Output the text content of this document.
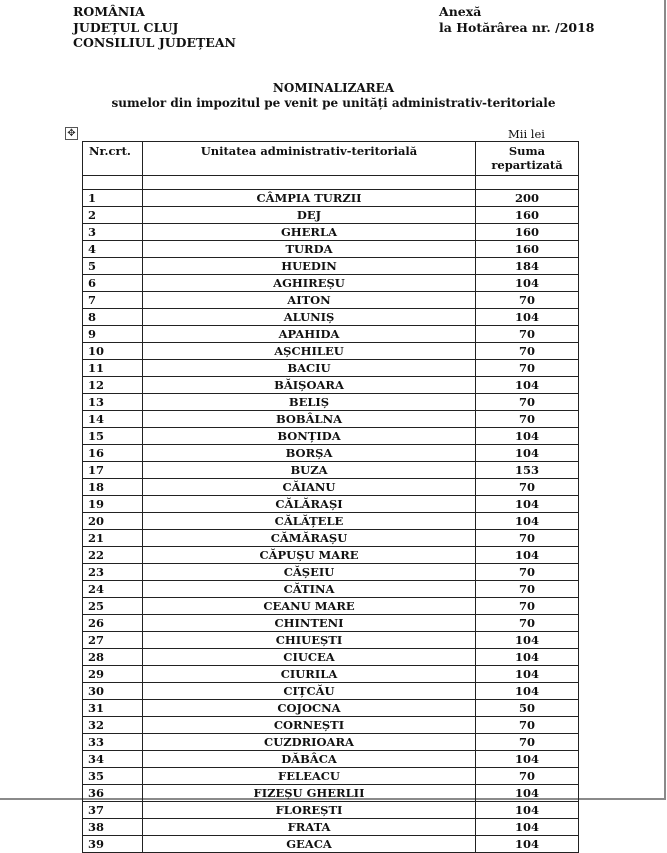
ROMÂNIA
JUDEȚUL CLUJ
CONSILIUL JUDEȚEAN
Anexă
la Hotărârea nr. /2018
NOMINALIZAREA
sumelor din impozitul pe venit pe unități administrativ-teritoriale
✥	Mii lei
Nr.crt.	Unitatea administrativ-teritorială	Suma repartizată

1	CÂMPIA TURZII	200
2	DEJ	160
3	GHERLA	160
4	TURDA	160
5	HUEDIN	184
6	AGHIREȘU	104
7	AITON	70
8	ALUNIȘ	104
9	APAHIDA	70
10	AȘCHILEU	70
11	BACIU	70
12	BĂIȘOARA	104
13	BELIȘ	70
14	BOBÂLNA	70
15	BONȚIDA	104
16	BORȘA	104
17	BUZA	153
18	CĂIANU	70
19	CĂLĂRAȘI	104
20	CĂLĂȚELE	104
21	CĂMĂRAȘU	70
22	CĂPUȘU MARE	104
23	CĂȘEIU	70
24	CĂTINA	70
25	CEANU MARE	70
26	CHINTENI	70
27	CHIUEȘTI	104
28	CIUCEA	104
29	CIURILA	104
30	CIȚCĂU	104
31	COJOCNA	50
32	CORNEȘTI	70
33	CUZDRIOARA	70
34	DĂBÂCA	104
35	FELEACU	70
36	FIZEȘU GHERLII	104
37	FLOREȘTI	104
38	FRATA	104
39	GEACA	104
